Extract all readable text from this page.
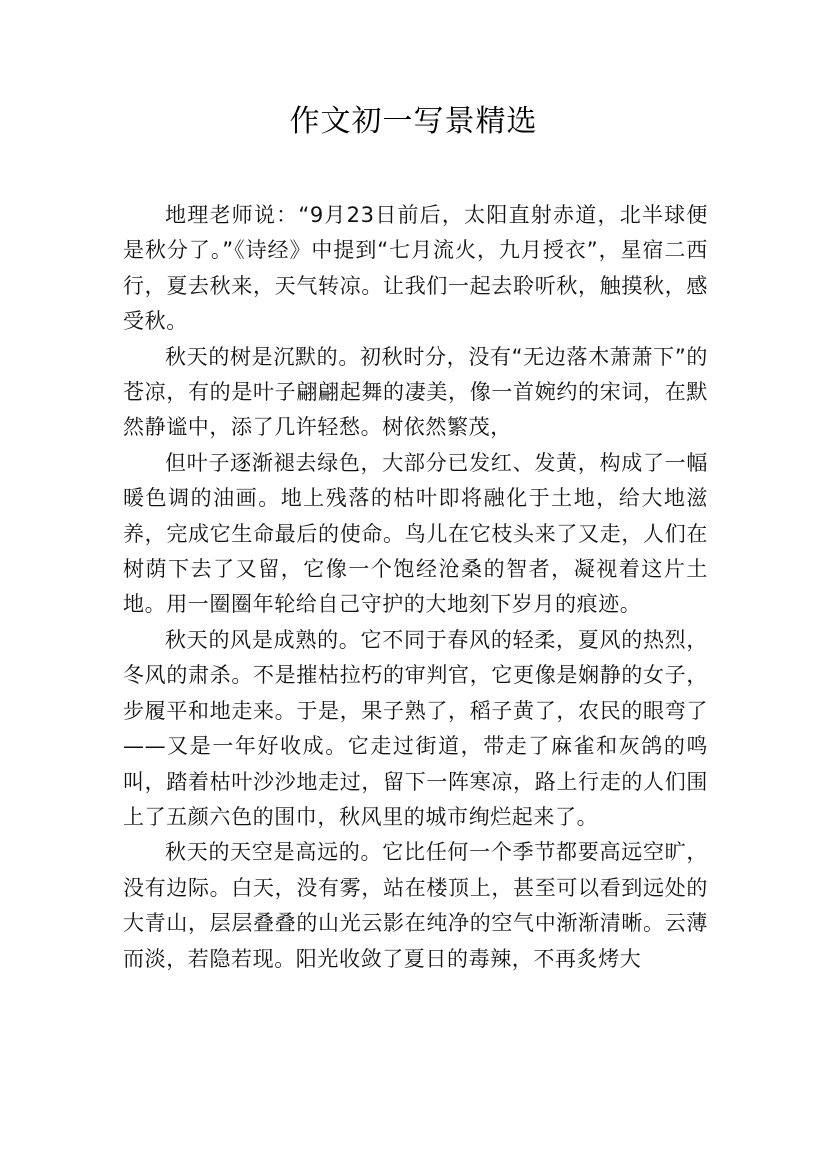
作文初一写景精选

地理老师说：“9月23日前后，太阳直射赤道，北半球便是秋分了。”《诗经》中提到“七月流火，九月授衣”，星宿二西行，夏去秋来，天气转凉。让我们一起去聆听秋，触摸秋，感受秋。

秋天的树是沉默的。初秋时分，没有“无边落木萧萧下”的苍凉，有的是叶子翩翩起舞的凄美，像一首婉约的宋词，在默然静谧中，添了几许轻愁。树依然繁茂，

但叶子逐渐褪去绿色，大部分已发红、发黄，构成了一幅暖色调的油画。地上残落的枯叶即将融化于土地，给大地滋养，完成它生命最后的使命。鸟儿在它枝头来了又走，人们在树荫下去了又留，它像一个饱经沧桑的智者，凝视着这片土地。用一圈圈年轮给自己守护的大地刻下岁月的痕迹。

秋天的风是成熟的。它不同于春风的轻柔，夏风的热烈，冬风的肃杀。不是摧枯拉朽的审判官，它更像是娴静的女子，步履平和地走来。于是，果子熟了，稻子黄了，农民的眼弯了——又是一年好收成。它走过街道，带走了麻雀和灰鸽的鸣叫，踏着枯叶沙沙地走过，留下一阵寒凉，路上行走的人们围上了五颜六色的围巾，秋风里的城市绚烂起来了。

秋天的天空是高远的。它比任何一个季节都要高远空旷，没有边际。白天，没有雾，站在楼顶上，甚至可以看到远处的大青山，层层叠叠的山光云影在纯净的空气中渐渐清晰。云薄而淡，若隐若现。阳光收敛了夏日的毒辣，不再炙烤大
